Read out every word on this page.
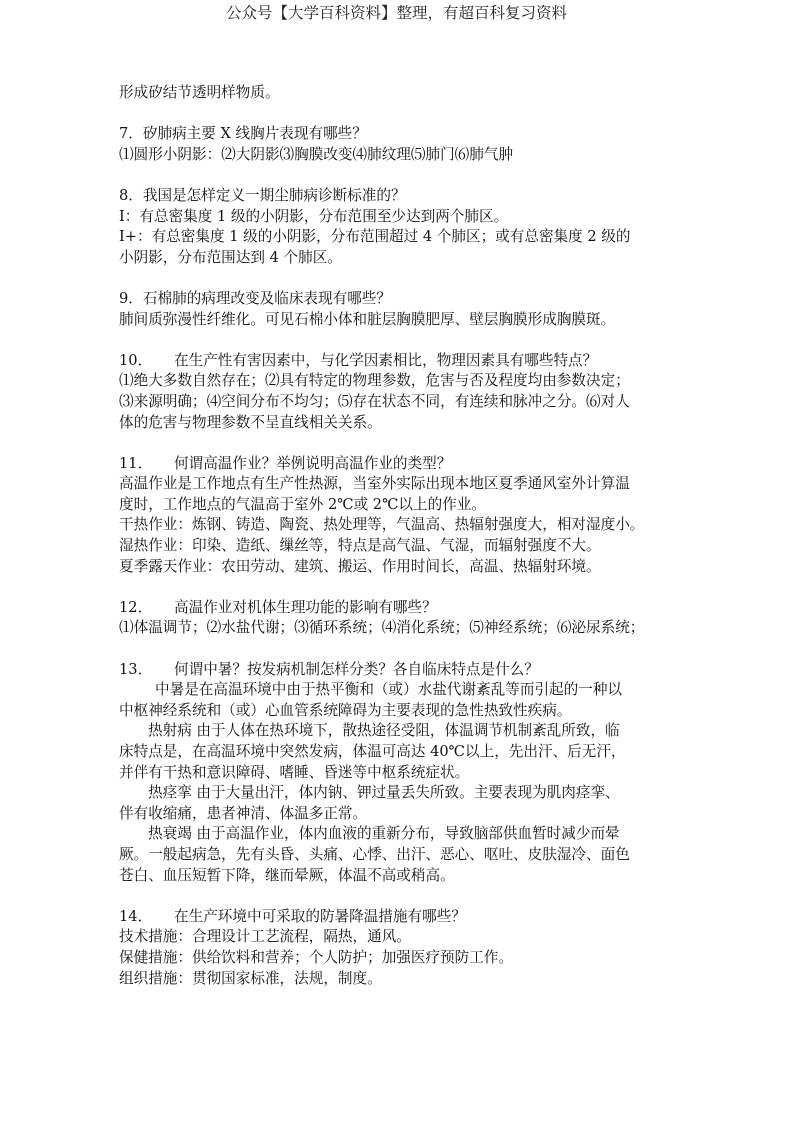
公众号【大学百科资料】整理，有超百科复习资料
形成矽结节透明样物质。
7．矽肺病主要 X 线胸片表现有哪些？
⑴圆形小阴影：⑵大阴影⑶胸膜改变⑷肺纹理⑸肺门⑹肺气肿
8．我国是怎样定义一期尘肺病诊断标准的？
Ⅰ：有总密集度 1 级的小阴影，分布范围至少达到两个肺区。
Ⅰ+：有总密集度 1 级的小阴影，分布范围超过 4 个肺区；或有总密集度 2 级的
小阴影，分布范围达到 4 个肺区。
9．石棉肺的病理改变及临床表现有哪些？
肺间质弥漫性纤维化。可见石棉小体和脏层胸膜肥厚、壁层胸膜形成胸膜斑。
10． 在生产性有害因素中，与化学因素相比，物理因素具有哪些特点？
⑴绝大多数自然存在；⑵具有特定的物理参数，危害与否及程度均由参数决定；
⑶来源明确；⑷空间分布不均匀；⑸存在状态不同，有连续和脉冲之分。⑹对人
体的危害与物理参数不呈直线相关关系。
11． 何谓高温作业？举例说明高温作业的类型？
高温作业是工作地点有生产性热源，当室外实际出现本地区夏季通风室外计算温
度时，工作地点的气温高于室外 2℃或 2℃以上的作业。
干热作业：炼钢、铸造、陶瓷、热处理等，气温高、热辐射强度大，相对湿度小。
湿热作业：印染、造纸、缫丝等，特点是高气温、气湿，而辐射强度不大。
夏季露天作业：农田劳动、建筑、搬运、作用时间长，高温、热辐射环境。
12． 高温作业对机体生理功能的影响有哪些？
⑴体温调节；⑵水盐代谢；⑶循环系统；⑷消化系统；⑸神经系统；⑹泌尿系统；
13． 何谓中暑？按发病机制怎样分类？各自临床特点是什么？
中暑是在高温环境中由于热平衡和（或）水盐代谢紊乱等而引起的一种以
中枢神经系统和（或）心血管系统障碍为主要表现的急性热致性疾病。
热射病 由于人体在热环境下，散热途径受阻，体温调节机制紊乱所致，临
床特点是，在高温环境中突然发病，体温可高达 40℃以上，先出汗、后无汗，
并伴有干热和意识障碍、嗜睡、昏迷等中枢系统症状。
热痉挛 由于大量出汗，体内钠、钾过量丢失所致。主要表现为肌肉痉挛、
伴有收缩痛，患者神清、体温多正常。
热衰竭 由于高温作业，体内血液的重新分布，导致脑部供血暂时减少而晕
厥。一般起病急，先有头昏、头痛、心悸、出汗、恶心、呕吐、皮肤湿冷、面色
苍白、血压短暂下降，继而晕厥，体温不高或稍高。
14． 在生产环境中可采取的防暑降温措施有哪些？
技术措施：合理设计工艺流程，隔热，通风。
保健措施：供给饮料和营养；个人防护；加强医疗预防工作。
组织措施：贯彻国家标准，法规，制度。
